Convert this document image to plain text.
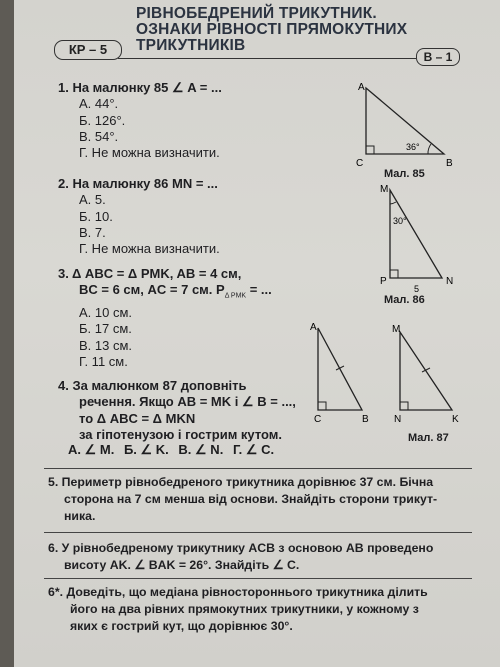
РІВНОБЕДРЕНИЙ ТРИКУТНИК.
ОЗНАКИ РІВНОСТІ ПРЯМОКУТНИХ
ТРИКУТНИКІВ
КР – 5	В – 1
1. На малюнку 85 ∠ A = ...
А. 44°.
Б. 126°.
В. 54°.
Г. Не можна визначити.
A
C	B
36°
Мал. 85
2. На малюнку 86 MN = ...
А. 5.
Б. 10.
В. 7.
Г. Не можна визначити.
M
P	N
30°
5
Мал. 86
3. Δ ABC = Δ PMK, AB = 4 см,
BC = 6 см, AC = 7 см. $P_{\Delta PMK}$ = ...
А. 10 см.
Б. 17 см.
В. 13 см.
Г. 11 см.
A
C	B
M
N	K
Мал. 87
4. За малюнком 87 доповніть
речення. Якщо AB = MK і ∠ B = ...,
то Δ ABC = Δ MKN
за гіпотенузою і гострим кутом.
А. ∠ M. Б. ∠ K. В. ∠ N. Г. ∠ C.
5. Периметр рівнобедреного трикутника дорівнює 37 см. Бічна
сторона на 7 см менша від основи. Знайдіть сторони трикут-
ника.
6. У рівнобедреному трикутнику ACB з основою AB проведено
висоту AK. ∠ BAK = 26°. Знайдіть ∠ C.
6*. Доведіть, що медіана рівностороннього трикутника ділить
його на два рівних прямокутних трикутники, у кожному з
яких є гострий кут, що дорівнює 30°.
